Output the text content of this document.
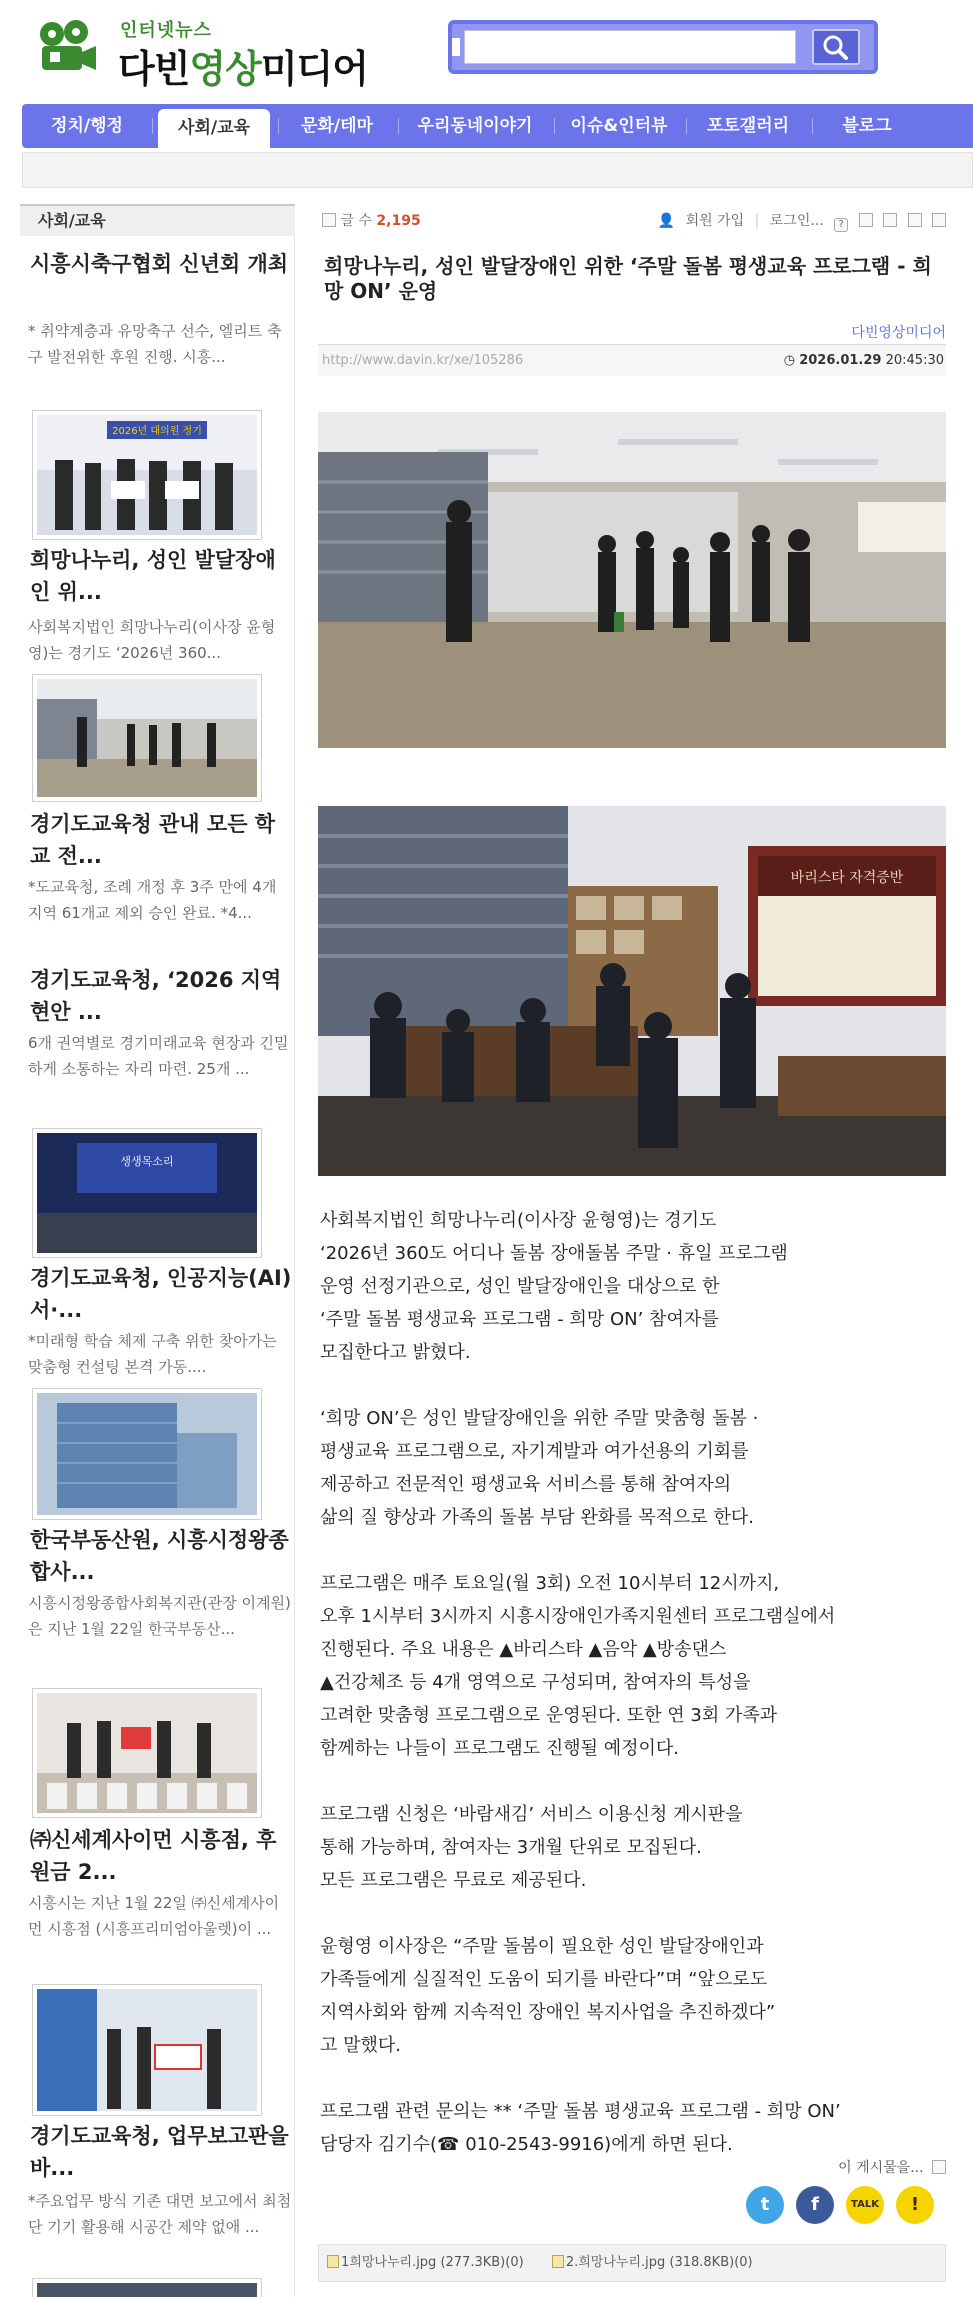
인터넷뉴스
다빈영상미디어
정치/행정	사회/교육	문화/테마	우리동네이야기	이슈&인터뷰	포토갤러리	블로그
사회/교육
시흥시축구협회 신년회 개최
* 취약계층과 유망축구 선수, 엘리트 축구 발전위한 후원 진행. 시흥...
2026년 대의원 정기
희망나누리, 성인 발달장애인 위...
사회복지법인 희망나누리(이사장 윤형영)는 경기도 ‘2026년 360...
경기도교육청 관내 모든 학교 전...
*도교육청, 조례 개정 후 3주 만에 4개 지역 61개교 제외 승인 완료. *4...
경기도교육청, ‘2026 지역 현안 ...
6개 권역별로 경기미래교육 현장과 긴밀하게 소통하는 자리 마련. 25개 ...
생생목소리
경기도교육청, 인공지능(AI) 서·...
*미래형 학습 체제 구축 위한 찾아가는 맞춤형 컨설팅 본격 가동....
한국부동산원, 시흥시정왕종합사...
시흥시정왕종합사회복지관(관장 이계원)은 지난 1월 22일 한국부동산...
㈜신세계사이먼 시흥점, 후원금 2...
시흥시는 지난 1월 22일 ㈜신세계사이먼 시흥점 (시흥프리미엄아울렛)이 ...
경기도교육청, 업무보고판을 바...
*주요업무 방식 기존 대면 보고에서 최첨단 기기 활용해 시공간 제약 없애 ...
글 수 2,195	👤 회원 가입 | 로그인... ?
희망나누리, 성인 발달장애인 위한 ‘주말 돌봄 평생교육 프로그램 - 희망 ON’ 운영
다빈영상미디어
http://www.davin.kr/xe/105286	◷ 2026.01.29 20:45:30
바리스타 자격증반

사회복지법인 희망나누리(이사장 윤형영)는 경기도
‘2026년 360도 어디나 돌봄 장애돌봄 주말 · 휴일 프로그램
운영 선정기관으로, 성인 발달장애인을 대상으로 한
‘주말 돌봄 평생교육 프로그램 - 희망 ON’ 참여자를
모집한다고 밝혔다.

‘희망 ON’은 성인 발달장애인을 위한 주말 맞춤형 돌봄 ·
평생교육 프로그램으로, 자기계발과 여가선용의 기회를
제공하고 전문적인 평생교육 서비스를 통해 참여자의
삶의 질 향상과 가족의 돌봄 부담 완화를 목적으로 한다.

프로그램은 매주 토요일(월 3회) 오전 10시부터 12시까지,
오후 1시부터 3시까지 시흥시장애인가족지원센터 프로그램실에서
진행된다. 주요 내용은 ▲바리스타 ▲음악 ▲방송댄스
▲건강체조 등 4개 영역으로 구성되며, 참여자의 특성을
고려한 맞춤형 프로그램으로 운영된다. 또한 연 3회 가족과
함께하는 나들이 프로그램도 진행될 예정이다.

프로그램 신청은 ‘바람새김’ 서비스 이용신청 게시판을
통해 가능하며, 참여자는 3개월 단위로 모집된다.
모든 프로그램은 무료로 제공된다.

윤형영 이사장은 “주말 돌봄이 필요한 성인 발달장애인과
가족들에게 실질적인 도움이 되기를 바란다”며 “앞으로도
지역사회와 함께 지속적인 장애인 복지사업을 추진하겠다”
고 말했다.

프로그램 관련 문의는 ** ‘주말 돌봄 평생교육 프로그램 - 희망 ON’
담당자 김기수(☎ 010-2543-9916)에게 하면 된다.

이 게시물을...
t	f	TALK	!
1희망나누리.jpg (277.3KB)(0)	2.희망나누리.jpg (318.8KB)(0)
